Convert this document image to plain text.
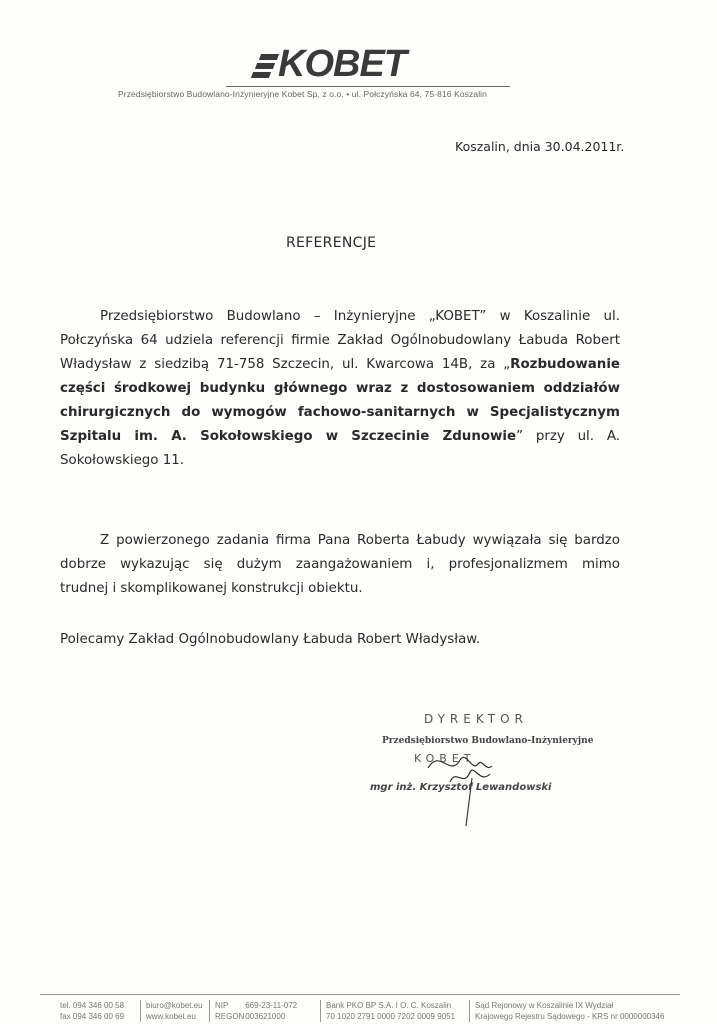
KOBET
Przedsiębiorstwo Budowlano-Inżynieryjne Kobet Sp. z o.o. • ul. Połczyńska 64, 75-816 Koszalin
Koszalin, dnia 30.04.2011r.
REFERENCJE
Przedsiębiorstwo Budowlano – Inżynieryjne „KOBET” w Koszalinie ul.
Połczyńska 64 udziela referencji firmie Zakład Ogólnobudowlany Łabuda Robert
Władysław z siedzibą 71-758 Szczecin, ul. Kwarcowa 14B, za „Rozbudowanie
części środkowej budynku głównego wraz z dostosowaniem oddziałów
chirurgicznych do wymogów fachowo-sanitarnych w Specjalistycznym
Szpitalu im. A. Sokołowskiego w Szczecinie Zdunowie” przy ul. A.
Sokołowskiego 11.
Z powierzonego zadania firma Pana Roberta Łabudy wywiązała się bardzo
dobrze wykazując się dużym zaangażowaniem i, profesjonalizmem mimo
trudnej i skomplikowanej konstrukcji obiektu.
Polecamy Zakład Ogólnobudowlany Łabuda Robert Władysław.
DYREKTOR
Przedsiębiorstwo Budowlano-Inżynieryjne
KOBET
mgr inż. Krzysztof Lewandowski
tel. 094 346 00 58
fax 094 346 00 69
biuro@kobet.eu
www.kobet.eu
NIP 669-23-11-072
REGON 003621000
Bank PKO BP S.A. I O. C. Koszalin
70 1020 2791 0000 7202 0009 9051
Sąd Rejonowy w Koszalinie IX Wydział
Krajowego Rejestru Sądowego - KRS nr 0000000346
